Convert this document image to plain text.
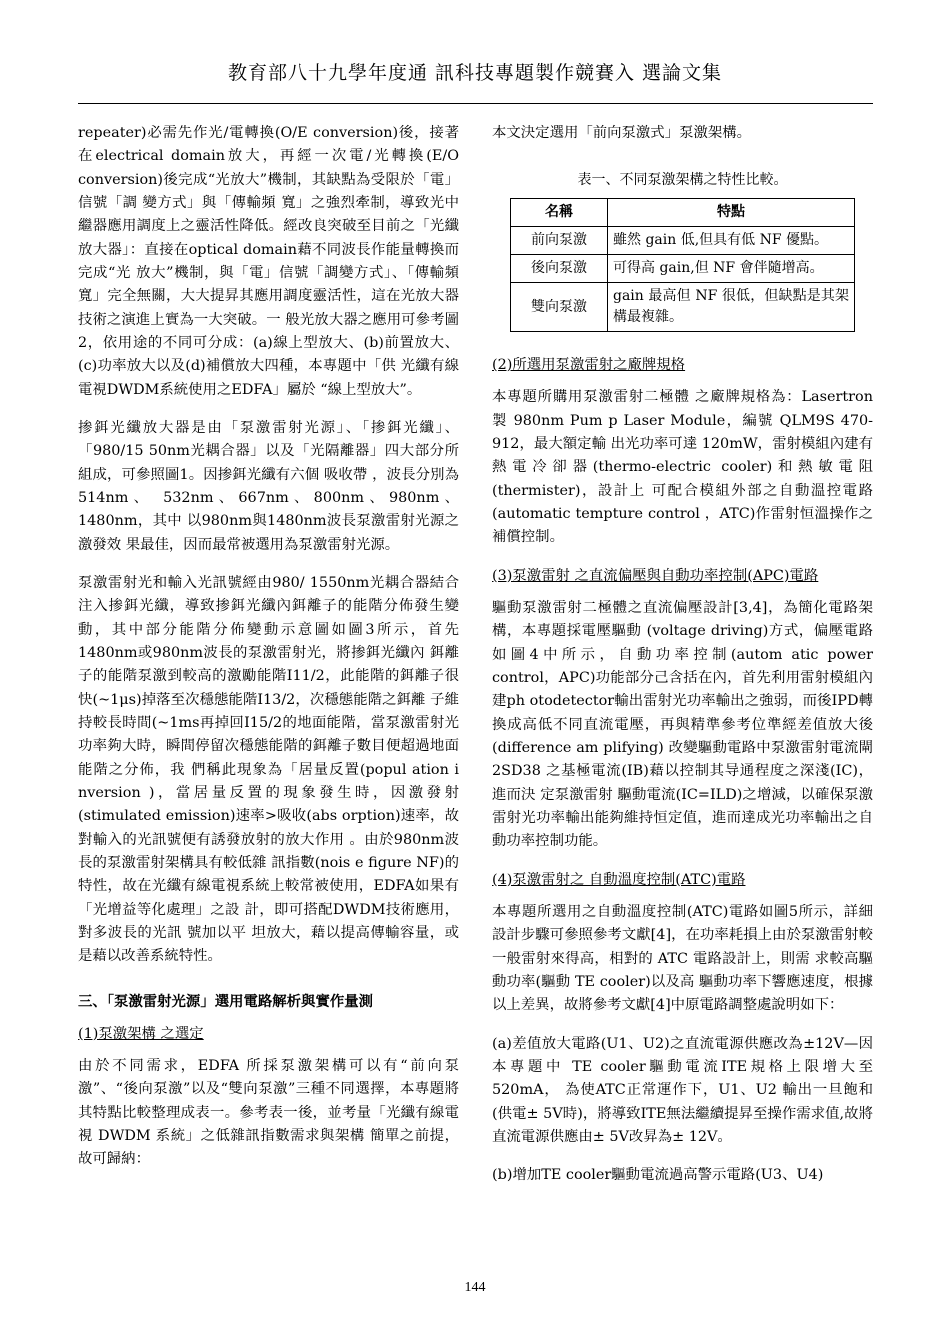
教育部八十九學年度通 訊科技專題製作競賽入 選論文集

repeater)必需先作光/電轉換(O/E conversion)後，接著在electrical domain放大，再經一次電/光轉換(E/O conversion)後完成“光放大”機制，其缺點為受限於「電」信號「調 變方式」與「傳輸頻 寬」之強烈牽制，導致光中繼器應用調度上之靈活性降低。經改良突破至目前之「光纖放大器」：直接在optical domain藉不同波長作能量轉換而完成“光 放大”機制，與「電」信號「調變方式」、「傳輸頻 寬」完全無關，大大提昇其應用調度靈活性，這在光放大器技術之演進上實為一大突破。一 般光放大器之應用可參考圖2，依用途的不同可分成：(a)線上型放大、(b)前置放大、(c)功率放大以及(d)補償放大四種，本專題中「供 光纖有線電視DWDM系統使用之EDFA」屬於 “線上型放大”。

掺鉺光纖放大器是由「泵激雷射光源」、「掺鉺光纖」、「980/15 50nm光耦合器」以及「光隔離器」四大部分所組成，可參照圖1。因掺鉺光纖有六個 吸收帶 ，波長分別為514nm、 532nm、667nm、800nm、980nm、1480nm，其中 以980nm與1480nm波長泵激雷射光源之激發效 果最佳，因而最常被選用為泵激雷射光源。

泵激雷射光和輸入光訊號經由980/ 1550nm光耦合器結合注入掺鉺光纖，導致掺鉺光纖內鉺離子的能階分佈發生變動，其中部分能階分佈變動示意圖如圖3所示，首先1480nm或980nm波長的泵激雷射光，將掺鉺光纖內 鉺離子的能階泵激到較高的激勵能階I11/2，此能階的鉺離子很快(~1μs)掉落至次穩態能階I13/2，次穩態能階之鉺離 子維持較長時間(~1ms再掉回I15/2的地面能階，當泵激雷射光功率夠大時，瞬間停留次穩態能階的鉺離子數目便超過地面能階之分佈，我 們稱此現象為「居量反置(popul ation i nversion )，當居量反置的現象發生時，因激發射(stimulated emission)速率>吸收(abs orption)速率，故對輸入的光訊號便有誘發放射的放大作用 。由於980nm波長的泵激雷射架構具有較低雜 訊指數(nois e figure NF)的特性，故在光纖有線電視系統上較常被使用，EDFA如果有「光增益等化處理」之設 計，即可搭配DWDM技術應用，對多波長的光訊 號加以平 坦放大，藉以提高傳輸容量，或是藉以改善系統特性。

三、「泵激雷射光源」選用電路解析與實作量測

(1)泵激架構 之選定

由於不同需求，EDFA 所採泵激架構可以有“前向泵激”、“後向泵激”以及“雙向泵激”三種不同選擇，本專題將其特點比較整理成表一。參考表一後，並考量「光纖有線電視 DWDM 系統」之低雜訊指數需求與架構 簡單之前提，故可歸納：

本文決定選用「前向泵激式」泵激架構。

表一、不同泵激架構之特性比較。
名稱	特點
前向泵激	雖然 gain 低,但具有低 NF 優點。
後向泵激	可得高 gain,但 NF 會伴隨增高。
雙向泵激	gain 最高但 NF 很低，但缺點是其架構最複雜。

(2)所選用泵激雷射之廠牌規格

本專題所購用泵激雷射二極體 之廠牌規格為：Lasertron 製 980nm Pum p Laser Module，編號 QLM9S 470-912，最大額定輸 出光功率可達 120mW，雷射模組內建有熱電冷卻器(thermo-electric cooler)和熱敏電阻(thermister)，設計上 可配合模組外部之自動溫控電路(automatic tempture control ，ATC)作雷射恒溫操作之補償控制。

(3)泵激雷射 之直流偏壓與自動功率控制(APC)電路

驅動泵激雷射二極體之直流偏壓設計[3,4]，為簡化電路架構，本專題採電壓驅動 (voltage driving)方式，偏壓電路如圖4中所示，自動功率控制(autom atic power control，APC)功能部分己含括在內，首先利用雷射模組內建ph otodetector輸出雷射光功率輸出之強弱，而後IPD轉換成高低不同直流電壓，再與精準參考位準經差值放大後 (difference am plifying) 改變驅動電路中泵激雷射電流閘2SD38 之基極電流(IB)藉以控制其导通程度之深淺(IC)，進而決 定泵激雷射 驅動電流(IC=ILD)之增減，以確保泵激雷射光功率輸出能夠維持恒定值，進而達成光功率輸出之自動功率控制功能。

(4)泵激雷射之 自動溫度控制(ATC)電路

本專題所選用之自動溫度控制(ATC)電路如圖5所示，詳細設計步驟可參照參考文獻[4]，在功率耗損上由於泵激雷射較一般雷射來得高，相對的 ATC 電路設計上，則需 求較高驅動功率(驅動 TE cooler)以及高 驅動功率下響應速度，根據 以上差異，故將參考文獻[4]中原電路調整處說明如下：

(a)差值放大電路(U1、U2)之直流電源供應改為±12V—因本專題中 TE cooler驅動電流ITE規格上限增大至520mA， 為使ATC正常運作下，U1、U2 輸出一旦飽和(供電± 5V時)，將導致ITE無法繼續提昇至操作需求值,故將直流電源供應由± 5V改昇為± 12V。

(b)增加TE cooler驅動電流過高警示電路(U3、U4)

144
